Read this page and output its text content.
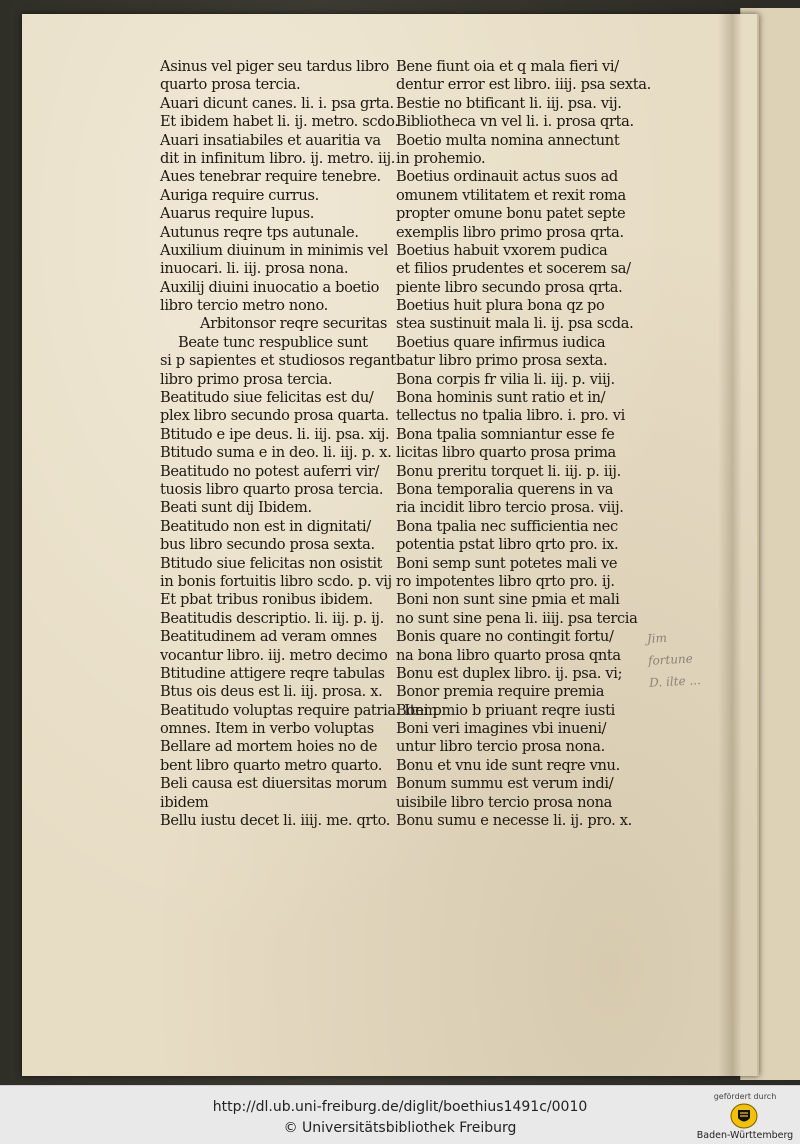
Asinus vel piger seu tardus libro
quarto prosa tercia.
Auari dicunt canes. li. i. psa grta.
Et ibidem habet li. ij. metro. scdo.
Auari insatiabiles et auaritia va
dit in infinitum libro. ij. metro. iij.
Aues tenebrar require tenebre.
Auriga require currus.
Auarus require lupus.
Autunus reqre tps autunale.
Auxilium diuinum in minimis vel
inuocari. li. iij. prosa nona.
Auxilij diuini inuocatio a boetio
libro tercio metro nono.
Arbitonsor reqre securitas
Beate tunc respublice sunt
si p sapientes et studiosos regant
libro primo prosa tercia.
Beatitudo siue felicitas est du/
plex libro secundo prosa quarta.
Btitudo e ipe deus. li. iij. psa. xij.
Btitudo suma e in deo. li. iij. p. x.
Beatitudo no potest auferri vir/
tuosis libro quarto prosa tercia.
Beati sunt dij Ibidem.
Beatitudo non est in dignitati/
bus libro secundo prosa sexta.
Btitudo siue felicitas non osistit
in bonis fortuitis libro scdo. p. vij
Et pbat tribus ronibus ibidem.
Beatitudis descriptio. li. iij. p. ij.
Beatitudinem ad veram omnes
vocantur libro. iij. metro decimo
Btitudine attigere reqre tabulas
Btus ois deus est li. iij. prosa. x.
Beatitudo voluptas require patria. Item
omnes. Item in verbo voluptas
Bellare ad mortem hoies no de
bent libro quarto metro quarto.
Beli causa est diuersitas morum
ibidem
Bellu iustu decet li. iiij. me. qrto.
Bene fiunt oia et q mala fieri vi/
dentur error est libro. iiij. psa sexta.
Bestie no btificant li. iij. psa. vij.
Bibliotheca vn vel li. i. prosa qrta.
Boetio multa nomina annectunt
in prohemio.
Boetius ordinauit actus suos ad
omunem vtilitatem et rexit roma
propter omune bonu patet septe
exemplis libro primo prosa qrta.
Boetius habuit vxorem pudica
et filios prudentes et socerem sa/
piente libro secundo prosa qrta.
Boetius huit plura bona qz po
stea sustinuit mala li. ij. psa scda.
Boetius quare infirmus iudica
batur libro primo prosa sexta.
Bona corpis fr vilia li. iij. p. viij.
Bona hominis sunt ratio et in/
tellectus no tpalia libro. i. pro. vi
Bona tpalia somniantur esse fe
licitas libro quarto prosa prima
Bonu preritu torquet li. iij. p. iij.
Bona temporalia querens in va
ria incidit libro tercio prosa. viij.
Bona tpalia nec sufficientia nec
potentia pstat libro qrto pro. ix.
Boni semp sunt potetes mali ve
ro impotentes libro qrto pro. ij.
Boni non sunt sine pmia et mali
no sunt sine pena li. iiij. psa tercia
Bonis quare no contingit fortu/
na bona libro quarto prosa qnta
Bonu est duplex libro. ij. psa. vi;
Bonor premia require premia
Boni pmio b priuant reqre iusti
Boni veri imagines vbi inueni/
untur libro tercio prosa nona.
Bonu et vnu ide sunt reqre vnu.
Bonum summu est verum indi/
uisibile libro tercio prosa nona
Bonu sumu e necesse li. ij. pro. x.
Jim
fortune
D. ilte ...
http://dl.ub.uni-freiburg.de/diglit/boethius1491c/0010
© Universitätsbibliothek Freiburg
gefördert durch
Baden-Württemberg
